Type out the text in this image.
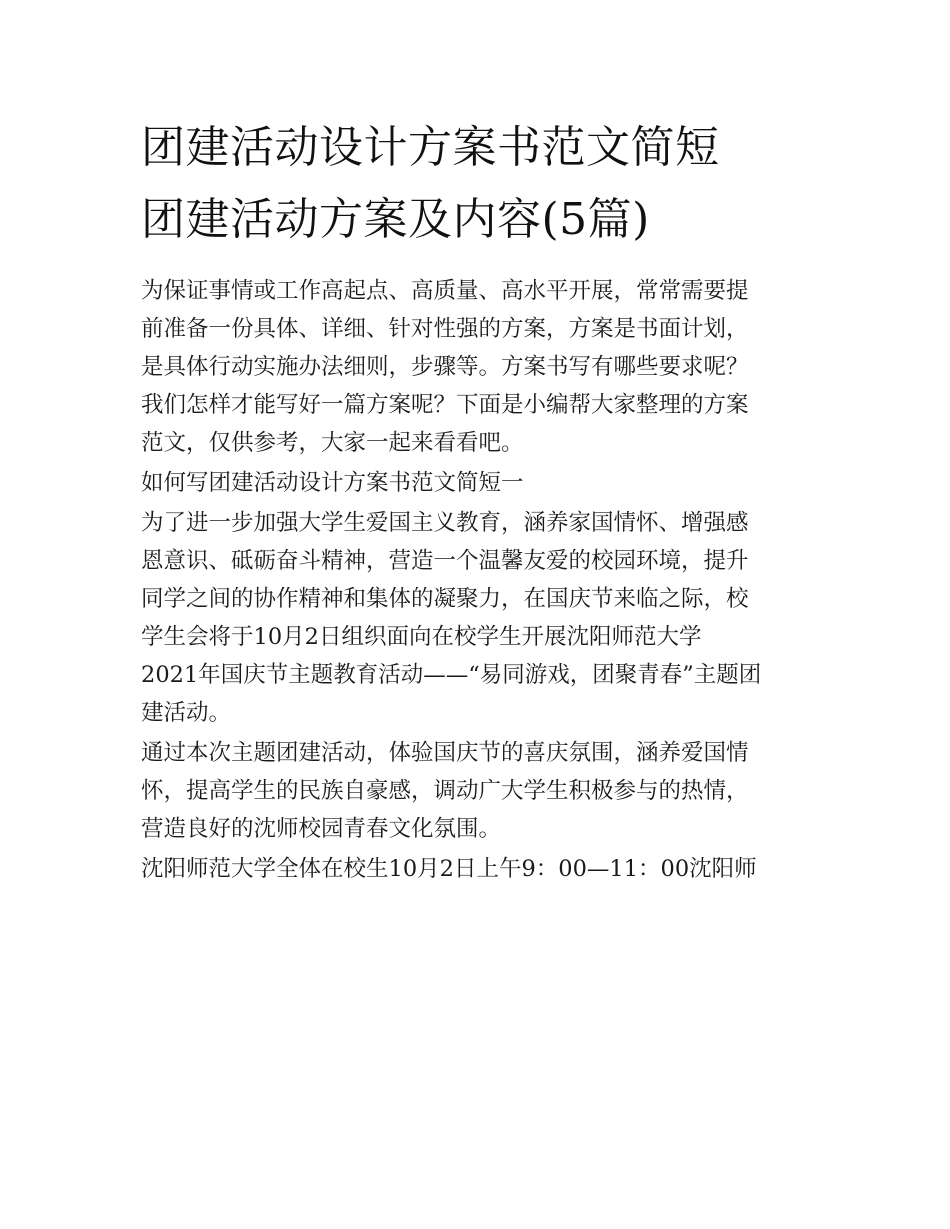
团建活动设计方案书范文简短
团建活动方案及内容(5篇)

为保证事情或工作高起点、高质量、高水平开展，常常需要提
前准备一份具体、详细、针对性强的方案，方案是书面计划，
是具体行动实施办法细则，步骤等。方案书写有哪些要求呢？
我们怎样才能写好一篇方案呢？下面是小编帮大家整理的方案
范文，仅供参考，大家一起来看看吧。

如何写团建活动设计方案书范文简短一

为了进一步加强大学生爱国主义教育，涵养家国情怀、增强感
恩意识、砥砺奋斗精神，营造一个温馨友爱的校园环境，提升
同学之间的协作精神和集体的凝聚力，在国庆节来临之际，校
学生会将于10月2日组织面向在校学生开展沈阳师范大学
2021年国庆节主题教育活动——“易同游戏，团聚青春”主题团
建活动。

通过本次主题团建活动，体验国庆节的喜庆氛围，涵养爱国情
怀，提高学生的民族自豪感，调动广大学生积极参与的热情，
营造良好的沈师校园青春文化氛围。

沈阳师范大学全体在校生10月2日上午9：00—11：00沈阳师
